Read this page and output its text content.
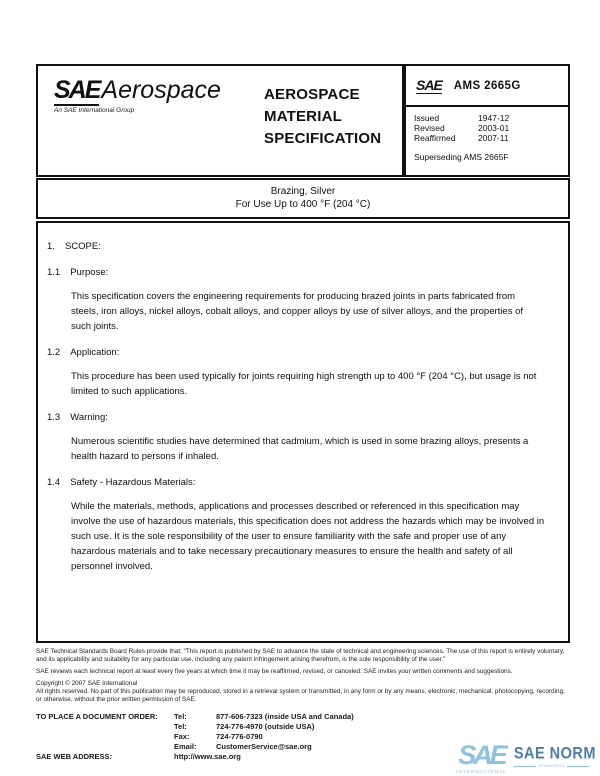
SAEAerospace
An SAE International Group
AEROSPACE MATERIAL SPECIFICATION
SAE AMS 2665G
Issued	1947-12
Revised	2003-01
Reaffirmed	2007-11
Superseding AMS 2665F
Brazing, Silver
For Use Up to 400 °F (204 °C)
1. SCOPE:
1.1 Purpose:

This specification covers the engineering requirements for producing brazed joints in parts fabricated from steels, iron alloys, nickel alloys, cobalt alloys, and copper alloys by use of silver alloys, and the properties of such joints.

1.2 Application:

This procedure has been used typically for joints requiring high strength up to 400 °F (204 °C), but usage is not limited to such applications.

1.3 Warning:

Numerous scientific studies have determined that cadmium, which is used in some brazing alloys, presents a health hazard to persons if inhaled.

1.4 Safety - Hazardous Materials:

While the materials, methods, applications and processes described or referenced in this specification may involve the use of hazardous materials, this specification does not address the hazards which may be involved in such use. It is the sole responsibility of the user to ensure familiarity with the safe and proper use of any hazardous materials and to take necessary precautionary measures to ensure the health and safety of all personnel involved.

SAE Technical Standards Board Rules provide that: "This report is published by SAE to advance the state of technical and engineering sciences. The use of this report is entirely voluntary, and its applicability and suitability for any particular use, including any patent infringement arising therefrom, is the sole responsibility of the user."

SAE reviews each technical report at least every five years at which time it may be reaffirmed, revised, or canceled. SAE invites your written comments and suggestions.

Copyright © 2007 SAE International

All rights reserved. No part of this publication may be reproduced, stored in a retrieval system or transmitted, in any form or by any means, electronic, mechanical, photocopying, recording, or otherwise, without the prior written permission of SAE.

TO PLACE A DOCUMENT ORDER:	Tel:	877-606-7323 (inside USA and Canada)
Tel:	724-776-4970 (outside USA)
Fax:	724-776-0790
Email:	CustomerService@sae.org
SAE WEB ADDRESS:	http://www.sae.org	SAE
INTERNATIONAL
SAE NORM
STANDARDS
